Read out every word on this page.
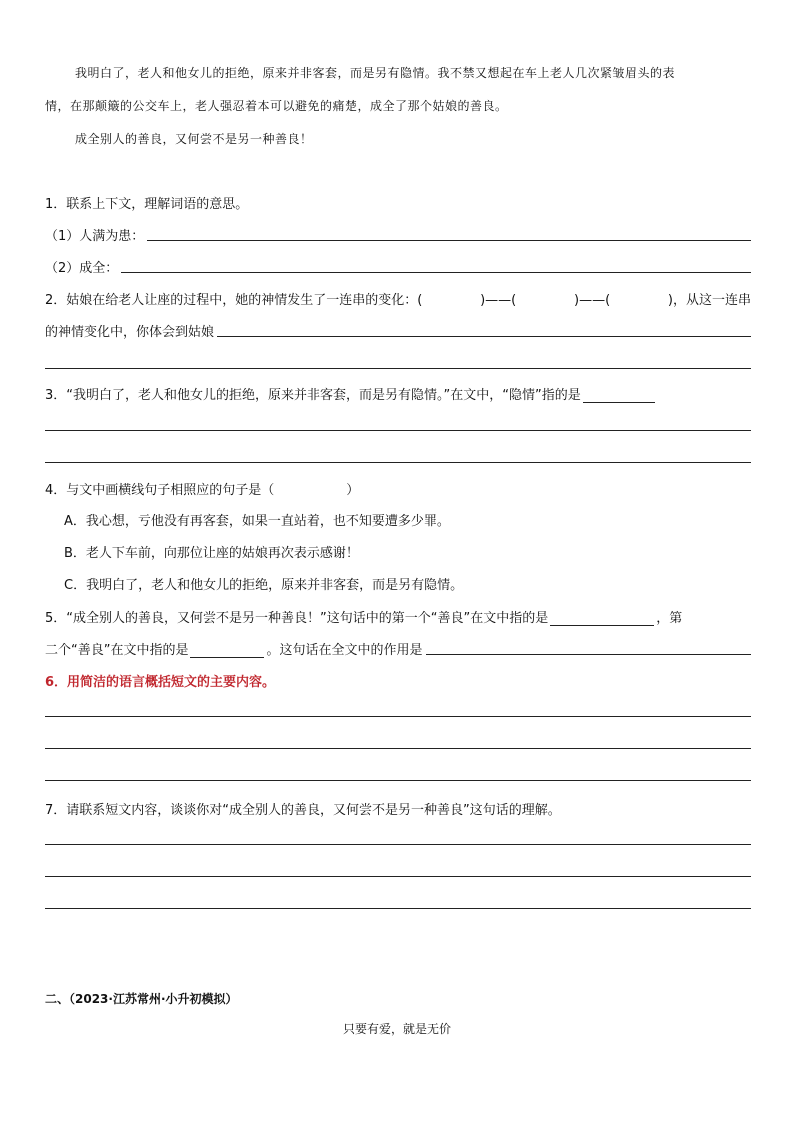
我明白了，老人和他女儿的拒绝，原来并非客套，而是另有隐情。我不禁又想起在车上老人几次紧皱眉头的表
情，在那颠簸的公交车上，老人强忍着本可以避免的痛楚，成全了那个姑娘的善良。
成全别人的善良，又何尝不是另一种善良！
1．联系上下文，理解词语的意思。
（1）人满为患：
（2）成全：
2．姑娘在给老人让座的过程中，她的神情发生了一连串的变化：(	)——(	)——(	)，从这一连串
的神情变化中，你体会到姑娘
3．“我明白了，老人和他女儿的拒绝，原来并非客套，而是另有隐情。”在文中，“隐情”指的是
4．与文中画横线句子相照应的句子是（	）
A．我心想，亏他没有再客套，如果一直站着，也不知要遭多少罪。
B．老人下车前，向那位让座的姑娘再次表示感谢！
C．我明白了，老人和他女儿的拒绝，原来并非客套，而是另有隐情。
5．“成全别人的善良，又何尝不是另一种善良！”这句话中的第一个“善良”在文中指的是	，第
二个“善良”在文中指的是	。这句话在全文中的作用是
6．用简洁的语言概括短文的主要内容。
7．请联系短文内容，谈谈你对“成全别人的善良，又何尝不是另一种善良”这句话的理解。
二、（2023·江苏常州·小升初模拟）
只要有爱，就是无价
